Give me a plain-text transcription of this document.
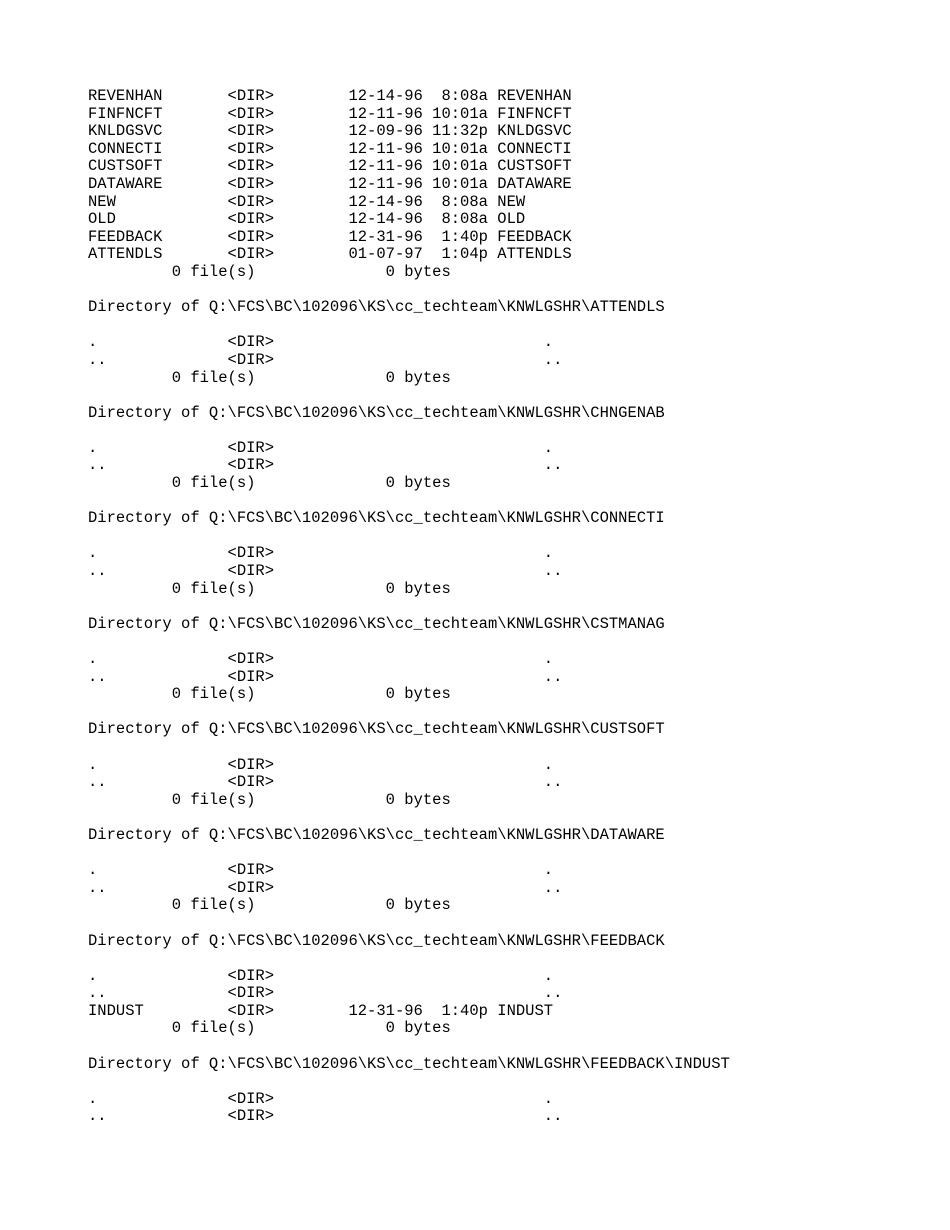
REVENHAN       <DIR>        12-14-96  8:08a REVENHAN
FINFNCFT       <DIR>        12-11-96 10:01a FINFNCFT
KNLDGSVC       <DIR>        12-09-96 11:32p KNLDGSVC
CONNECTI       <DIR>        12-11-96 10:01a CONNECTI
CUSTSOFT       <DIR>        12-11-96 10:01a CUSTSOFT
DATAWARE       <DIR>        12-11-96 10:01a DATAWARE
NEW            <DIR>        12-14-96  8:08a NEW
OLD            <DIR>        12-14-96  8:08a OLD
FEEDBACK       <DIR>        12-31-96  1:40p FEEDBACK
ATTENDLS       <DIR>        01-07-97  1:04p ATTENDLS
0 file(s)              0 bytes
Directory of Q:\FCS\BC\102096\KS\cc_techteam\KNWLGSHR\ATTENDLS
.              <DIR>                             .
..             <DIR>                             ..
0 file(s)              0 bytes
Directory of Q:\FCS\BC\102096\KS\cc_techteam\KNWLGSHR\CHNGENAB
.              <DIR>                             .
..             <DIR>                             ..
0 file(s)              0 bytes
Directory of Q:\FCS\BC\102096\KS\cc_techteam\KNWLGSHR\CONNECTI
.              <DIR>                             .
..             <DIR>                             ..
0 file(s)              0 bytes
Directory of Q:\FCS\BC\102096\KS\cc_techteam\KNWLGSHR\CSTMANAG
.              <DIR>                             .
..             <DIR>                             ..
0 file(s)              0 bytes
Directory of Q:\FCS\BC\102096\KS\cc_techteam\KNWLGSHR\CUSTSOFT
.              <DIR>                             .
..             <DIR>                             ..
0 file(s)              0 bytes
Directory of Q:\FCS\BC\102096\KS\cc_techteam\KNWLGSHR\DATAWARE
.              <DIR>                             .
..             <DIR>                             ..
0 file(s)              0 bytes
Directory of Q:\FCS\BC\102096\KS\cc_techteam\KNWLGSHR\FEEDBACK
.              <DIR>                             .
..             <DIR>                             ..
INDUST         <DIR>        12-31-96  1:40p INDUST
0 file(s)              0 bytes
Directory of Q:\FCS\BC\102096\KS\cc_techteam\KNWLGSHR\FEEDBACK\INDUST
.              <DIR>                             .
..             <DIR>                             ..
